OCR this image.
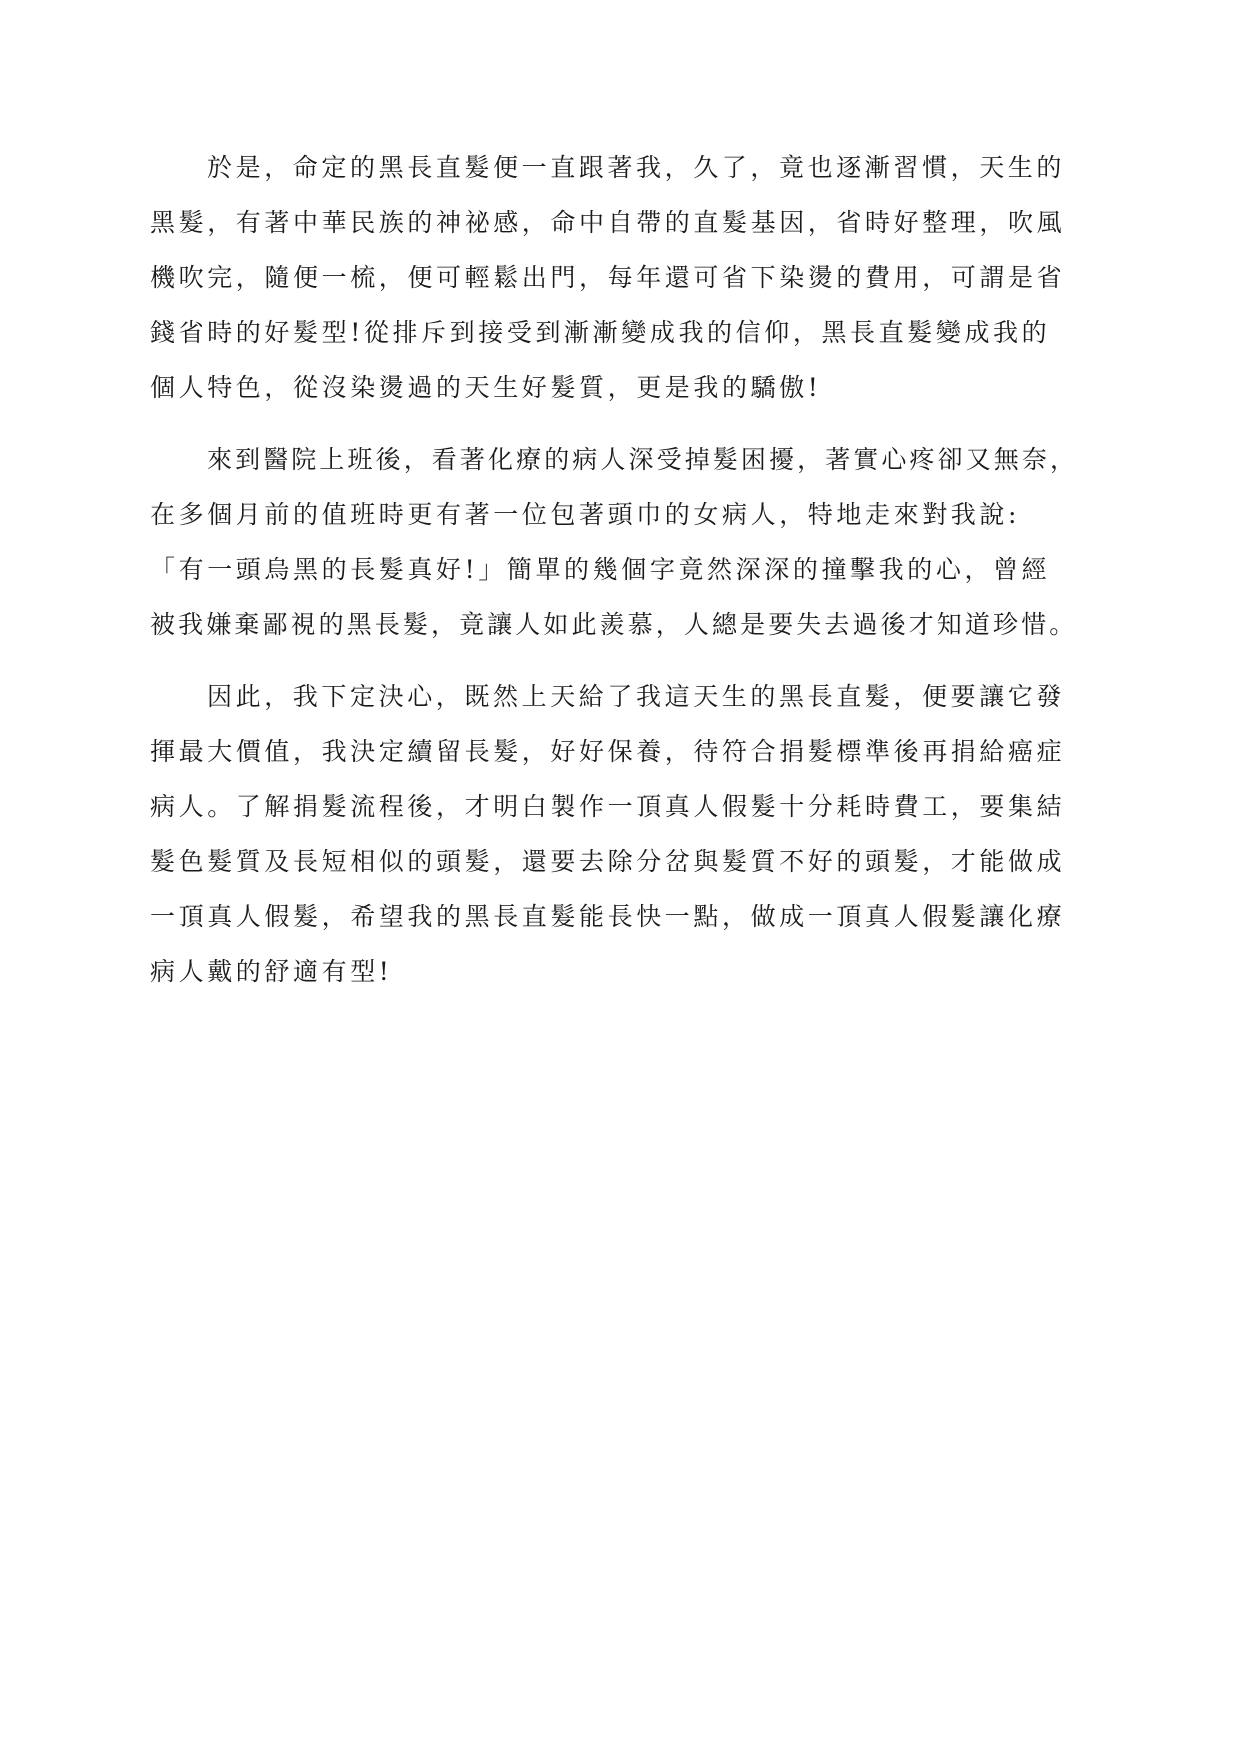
於是，命定的黑長直髮便一直跟著我，久了，竟也逐漸習慣，天生的
黑髮，有著中華民族的神祕感，命中自帶的直髮基因，省時好整理，吹風
機吹完，隨便一梳，便可輕鬆出門，每年還可省下染燙的費用，可謂是省
錢省時的好髮型!從排斥到接受到漸漸變成我的信仰，黑長直髮變成我的
個人特色，從沒染燙過的天生好髮質，更是我的驕傲!
來到醫院上班後，看著化療的病人深受掉髮困擾，著實心疼卻又無奈，
在多個月前的值班時更有著一位包著頭巾的女病人，特地走來對我說:
「有一頭烏黑的長髮真好!」簡單的幾個字竟然深深的撞擊我的心，曾經
被我嫌棄鄙視的黑長髮，竟讓人如此羨慕，人總是要失去過後才知道珍惜。
因此，我下定決心，既然上天給了我這天生的黑長直髮，便要讓它發
揮最大價值，我決定續留長髮，好好保養，待符合捐髮標準後再捐給癌症
病人。了解捐髮流程後，才明白製作一頂真人假髮十分耗時費工，要集結
髮色髮質及長短相似的頭髮，還要去除分岔與髮質不好的頭髮，才能做成
一頂真人假髮，希望我的黑長直髮能長快一點，做成一頂真人假髮讓化療
病人戴的舒適有型!
